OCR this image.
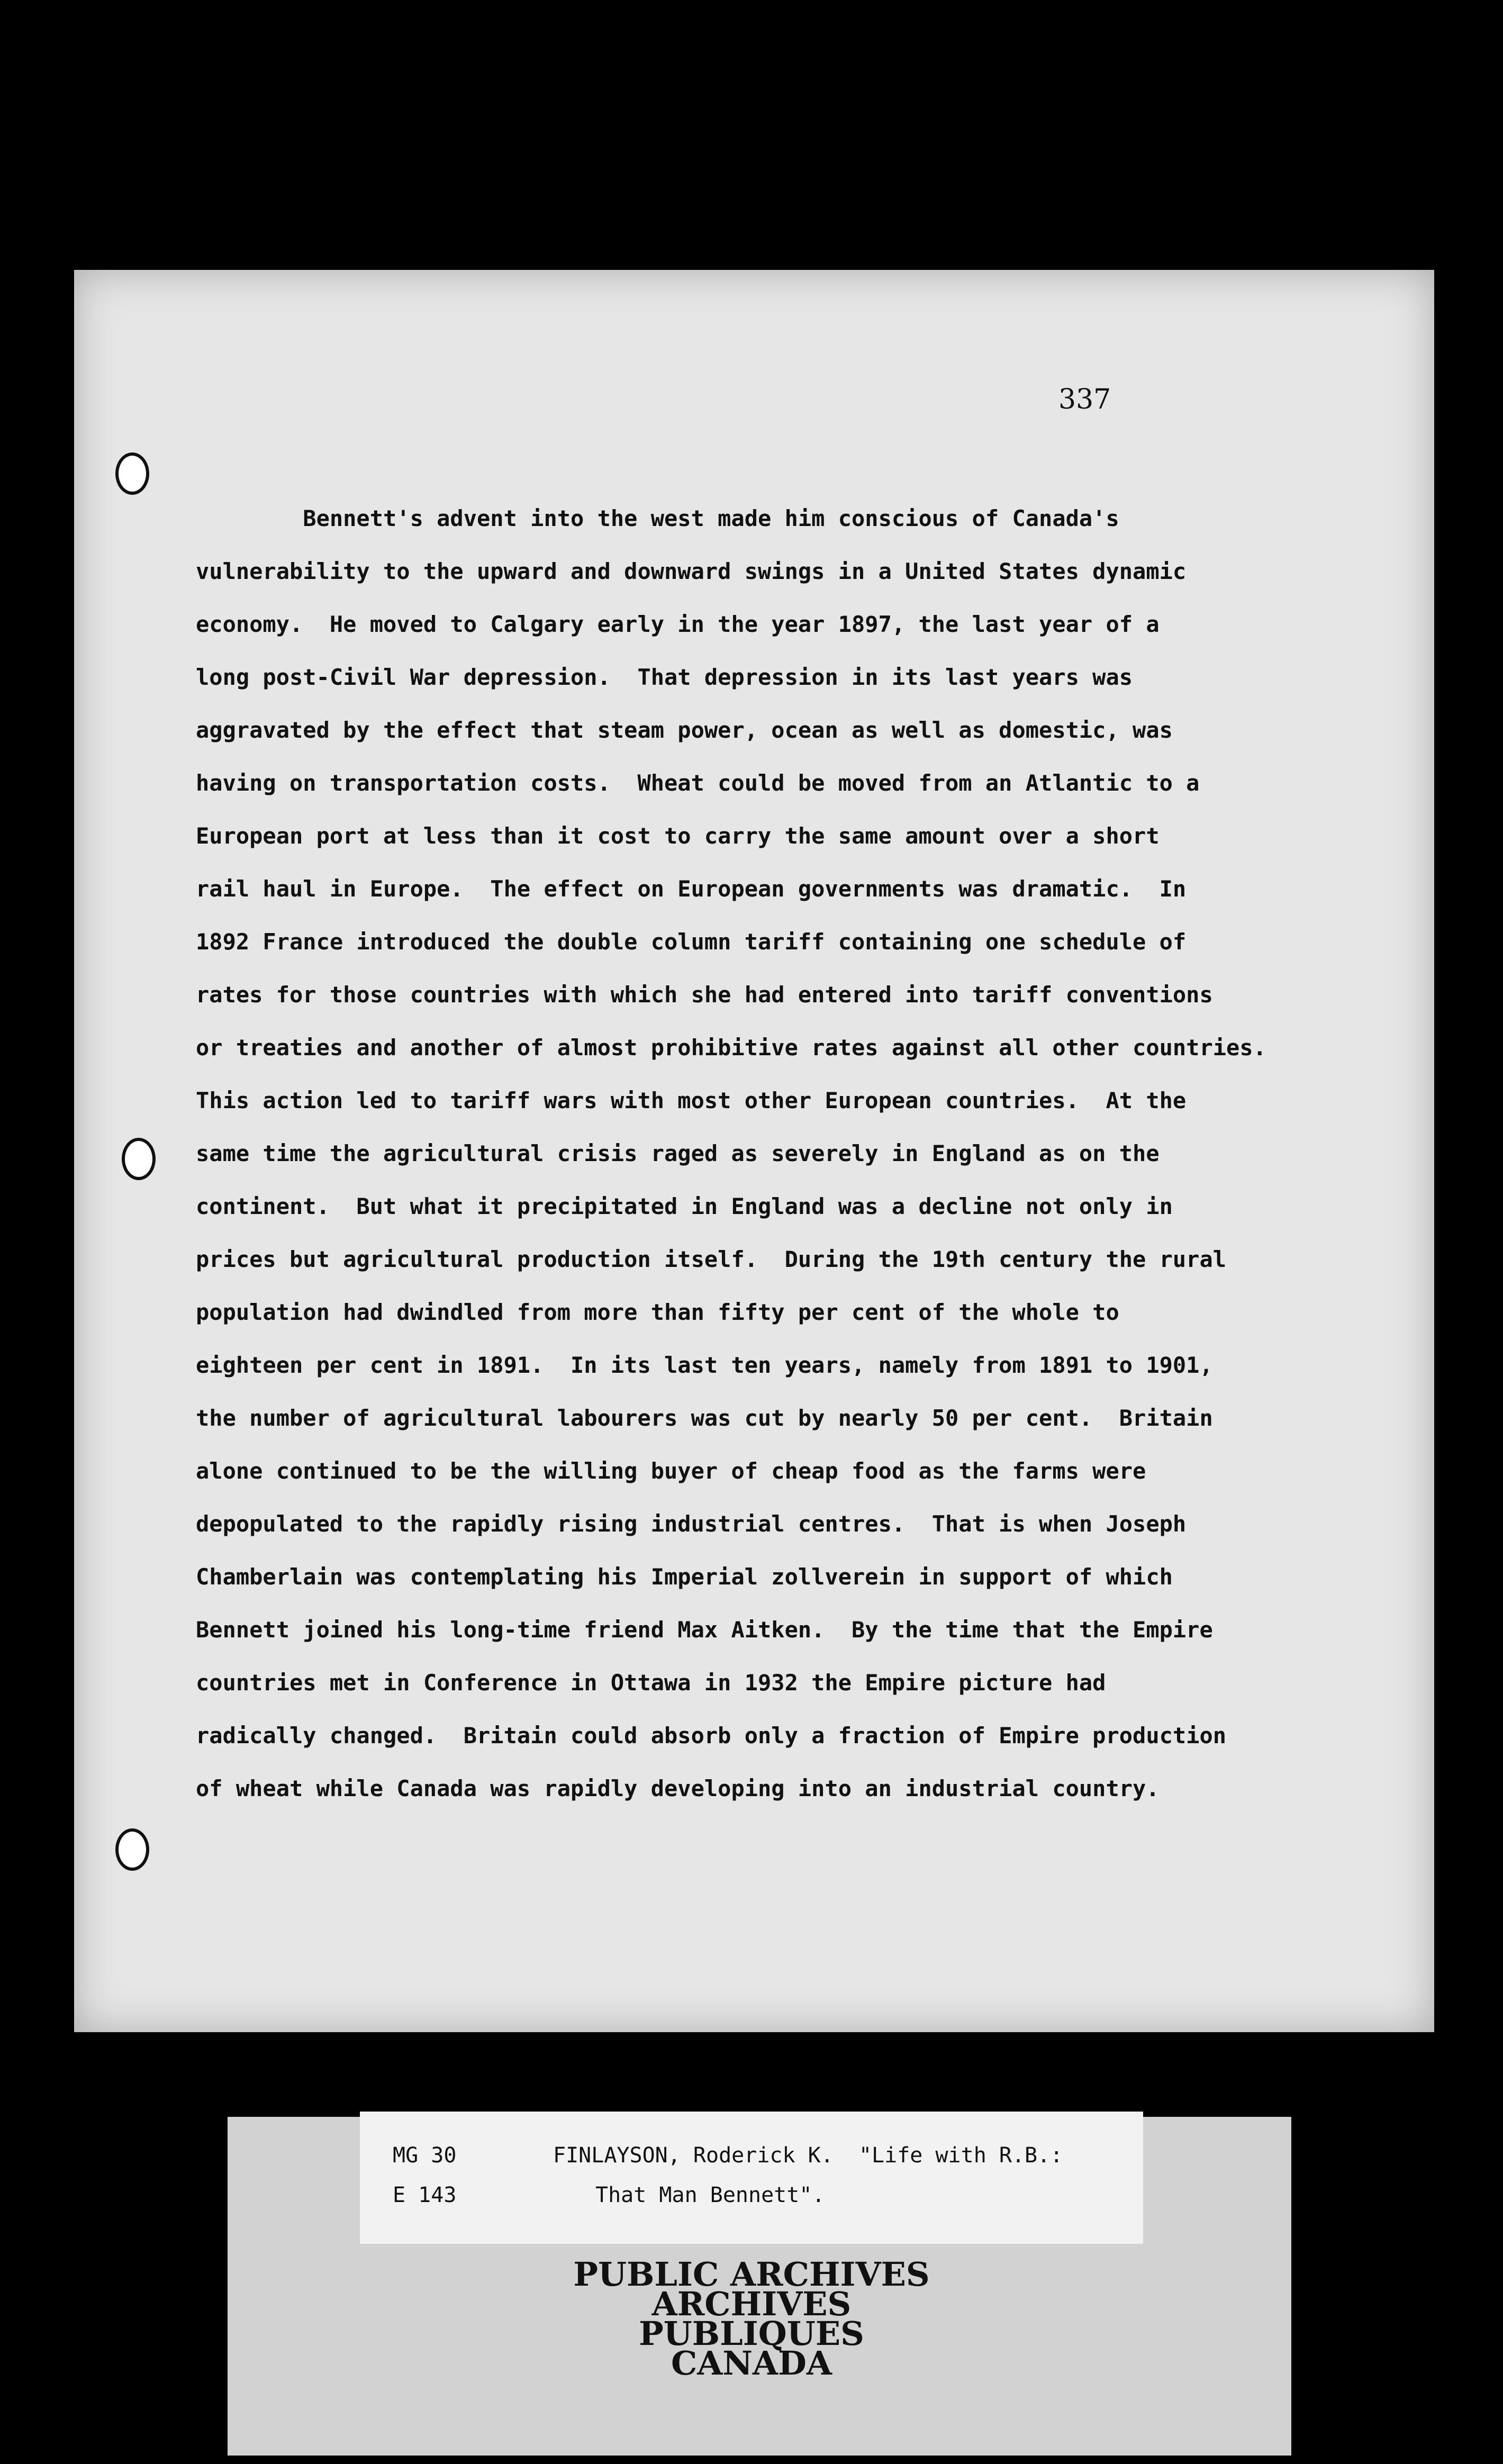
337
Bennett's advent into the west made him conscious of Canada's
vulnerability to the upward and downward swings in a United States dynamic
economy.  He moved to Calgary early in the year 1897, the last year of a
long post-Civil War depression.  That depression in its last years was
aggravated by the effect that steam power, ocean as well as domestic, was
having on transportation costs.  Wheat could be moved from an Atlantic to a
European port at less than it cost to carry the same amount over a short
rail haul in Europe.  The effect on European governments was dramatic.  In
1892 France introduced the double column tariff containing one schedule of
rates for those countries with which she had entered into tariff conventions
or treaties and another of almost prohibitive rates against all other countries.
This action led to tariff wars with most other European countries.  At the
same time the agricultural crisis raged as severely in England as on the
continent.  But what it precipitated in England was a decline not only in
prices but agricultural production itself.  During the 19th century the rural
population had dwindled from more than fifty per cent of the whole to
eighteen per cent in 1891.  In its last ten years, namely from 1891 to 1901,
the number of agricultural labourers was cut by nearly 50 per cent.  Britain
alone continued to be the willing buyer of cheap food as the farms were
depopulated to the rapidly rising industrial centres.  That is when Joseph
Chamberlain was contemplating his Imperial zollverein in support of which
Bennett joined his long-time friend Max Aitken.  By the time that the Empire
countries met in Conference in Ottawa in 1932 the Empire picture had
radically changed.  Britain could absorb only a fraction of Empire production
of wheat while Canada was rapidly developing into an industrial country.
MG 30
E 143
FINLAYSON, Roderick K.  "Life with R.B.:
That Man Bennett".
PUBLIC ARCHIVES
ARCHIVES PUBLIQUES
CANADA
